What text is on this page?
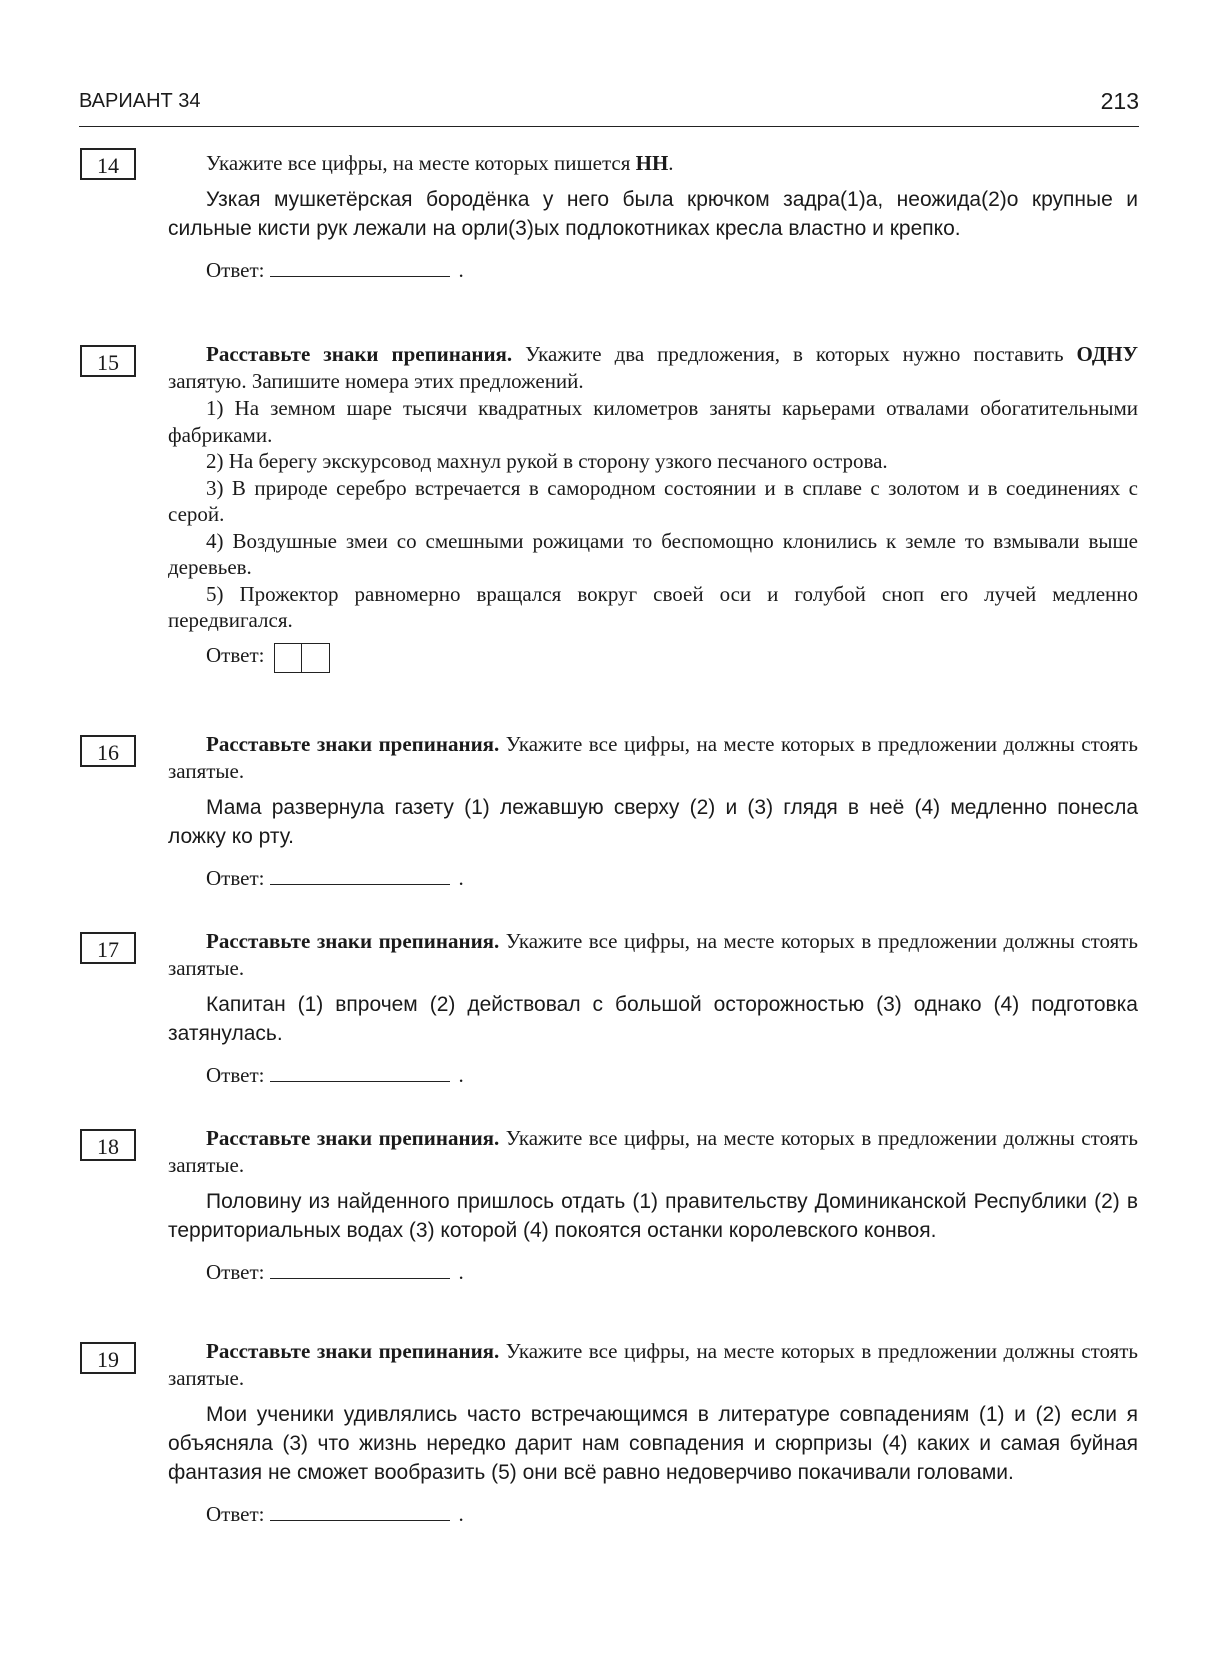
ВАРИАНТ 34	213
14	Укажите все цифры, на месте которых пишется НН.

Узкая мушкетёрская бородёнка у него была крючком задра(1)а, неожида(2)о крупные и сильные кисти рук лежали на орли(3)ых подлокотниках кресла властно и крепко.

Ответ:	.
15	Расставьте знаки препинания. Укажите два предложения, в которых нужно поставить ОДНУ запятую. Запишите номера этих предложений.

1) На земном шаре тысячи квадратных километров заняты карьерами отвалами обогатительными фабриками.

2) На берегу экскурсовод махнул рукой в сторону узкого песчаного острова.

3) В природе серебро встречается в самородном состоянии и в сплаве с золотом и в соединениях с серой.

4) Воздушные змеи со смешными рожицами то беспомощно клонились к земле то взмывали выше деревьев.

5) Прожектор равномерно вращался вокруг своей оси и голубой сноп его лучей медленно передвигался.

Ответ:
16	Расставьте знаки препинания. Укажите все цифры, на месте которых в предложении должны стоять запятые.

Мама развернула газету (1) лежавшую сверху (2) и (3) глядя в неё (4) медленно понесла ложку ко рту.

Ответ:	.
17	Расставьте знаки препинания. Укажите все цифры, на месте которых в предложении должны стоять запятые.

Капитан (1) впрочем (2) действовал с большой осторожностью (3) однако (4) подготовка затянулась.

Ответ:	.
18	Расставьте знаки препинания. Укажите все цифры, на месте которых в предложении должны стоять запятые.

Половину из найденного пришлось отдать (1) правительству Доминиканской Республики (2) в территориальных водах (3) которой (4) покоятся останки королевского конвоя.

Ответ:	.
19	Расставьте знаки препинания. Укажите все цифры, на месте которых в предложении должны стоять запятые.

Мои ученики удивлялись часто встречающимся в литературе совпадениям (1) и (2) если я объясняла (3) что жизнь нередко дарит нам совпадения и сюрпризы (4) каких и самая буйная фантазия не сможет вообразить (5) они всё равно недоверчиво покачивали головами.

Ответ:	.
